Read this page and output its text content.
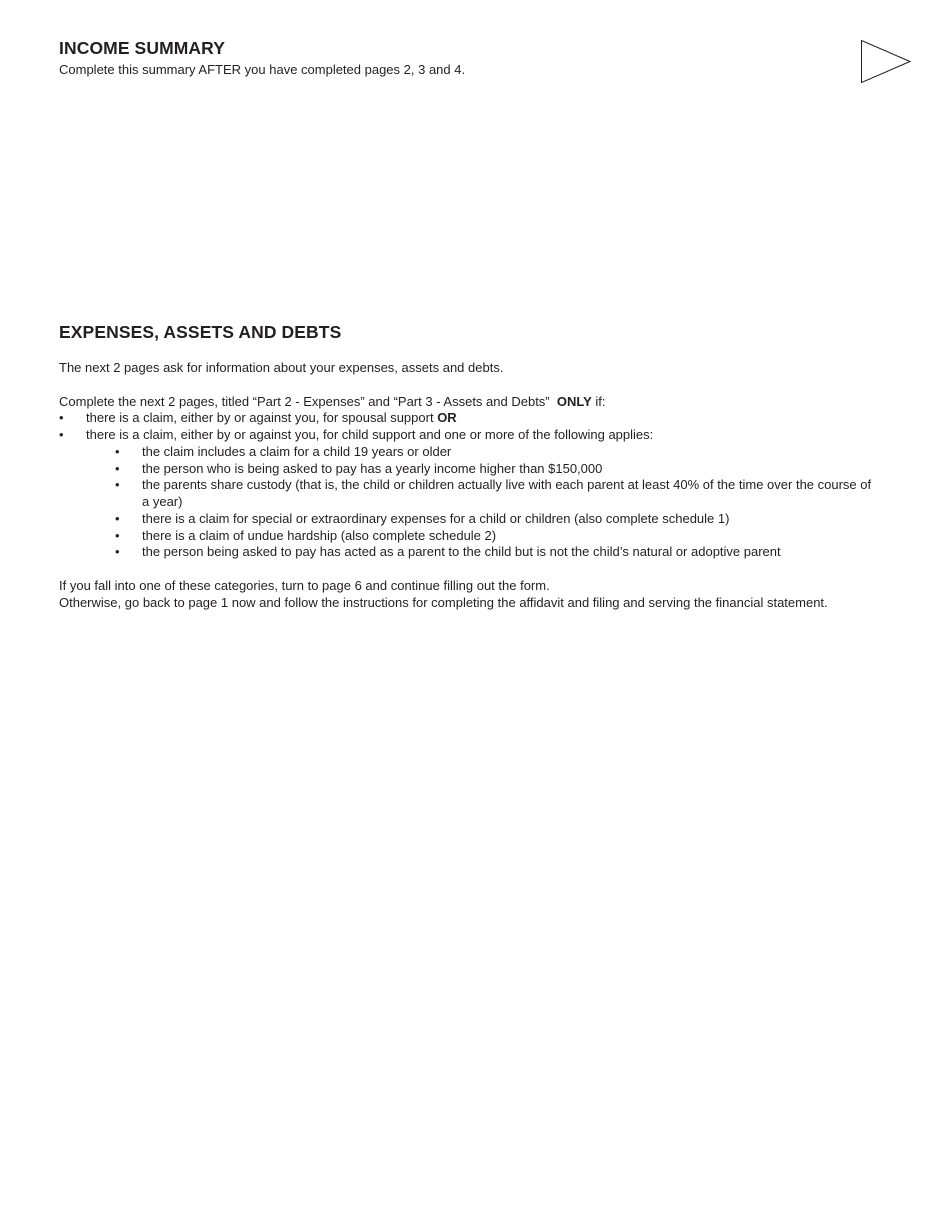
INCOME SUMMARY
Complete this summary AFTER you have completed pages 2, 3 and 4.
EXPENSES, ASSETS AND DEBTS
The next 2 pages ask for information about your expenses, assets and debts.
Complete the next 2 pages, titled “Part 2 - Expenses” and “Part 3 - Assets and Debts”  ONLY if:
• there is a claim, either by or against you, for spousal support OR
• there is a claim, either by or against you, for child support and one or more of the following applies:
• the claim includes a claim for a child 19 years or older
• the person who is being asked to pay has a yearly income higher than $150,000
• the parents share custody (that is, the child or children actually live with each parent at least 40% of the time over the course of a year)
• there is a claim for special or extraordinary expenses for a child or children (also complete schedule 1)
• there is a claim of undue hardship (also complete schedule 2)
• the person being asked to pay has acted as a parent to the child but is not the child’s natural or adoptive parent
If you fall into one of these categories, turn to page 6 and continue filling out the form.
Otherwise, go back to page 1 now and follow the instructions for completing the affidavit and filing and serving the financial statement.
